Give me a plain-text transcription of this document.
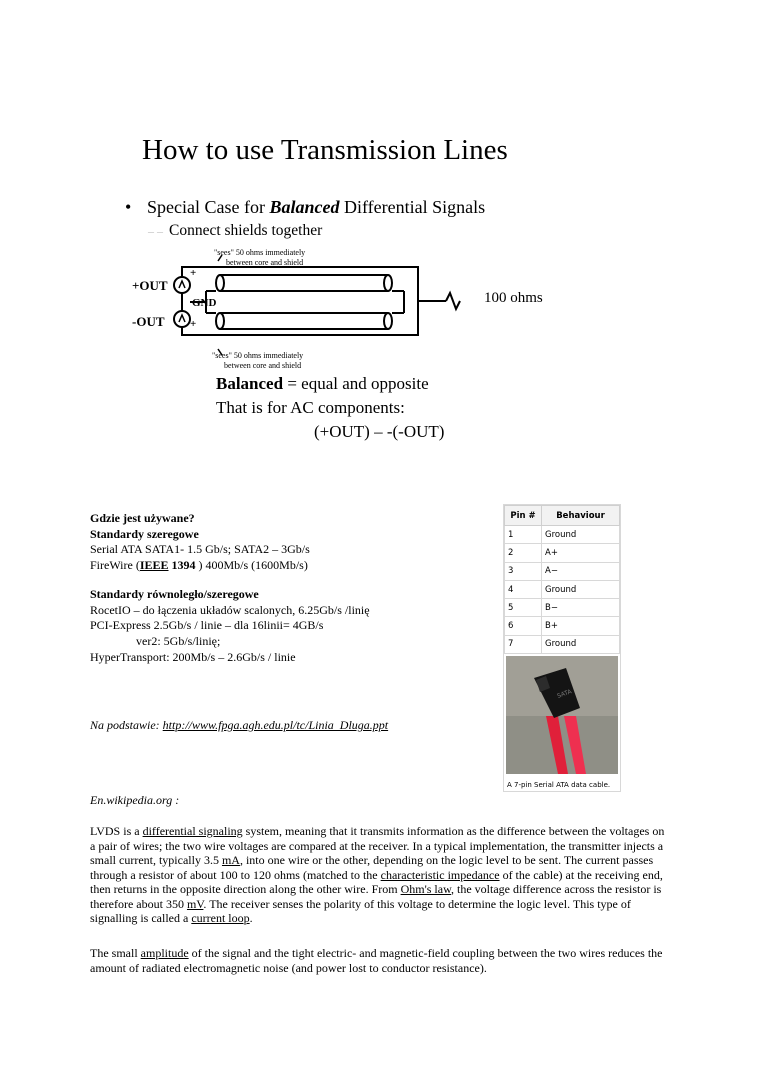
How to use Transmission Lines
• Special Case for Balanced Differential Signals
– – Connect shields together
"sees" 50 ohms immediately
between core and shield
"sees" 50 ohms immediately
between core and shield
+OUT
-OUT
GND
+
+
100 ohms
Balanced = equal and opposite
That is for AC components:
(+OUT) – -(-OUT)
Gdzie jest używane?
Standardy szeregowe
Serial ATA SATA1- 1.5 Gb/s; SATA2 – 3Gb/s
FireWire (IEEE 1394 ) 400Mb/s (1600Mb/s)
Standardy równoległo/szeregowe
RocetIO – do łączenia układów scalonych, 6.25Gb/s /linię
PCI-Express 2.5Gb/s / linie – dla 16linii= 4GB/s
ver2: 5Gb/s/linię;
HyperTransport: 200Mb/s – 2.6Gb/s / linie
Na podstawie: http://www.fpga.agh.edu.pl/tc/Linia_Dluga.ppt
En.wikipedia.org :
LVDS is a differential signaling system, meaning that it transmits information as the difference between the voltages on a pair of wires; the two wire voltages are compared at the receiver. In a typical implementation, the transmitter injects a small current, typically 3.5 mA, into one wire or the other, depending on the logic level to be sent. The current passes through a resistor of about 100 to 120 ohms (matched to the characteristic impedance of the cable) at the receiving end, then returns in the opposite direction along the other wire. From Ohm's law, the voltage difference across the resistor is therefore about 350 mV. The receiver senses the polarity of this voltage to determine the logic level. This type of signalling is called a current loop.
The small amplitude of the signal and the tight electric- and magnetic-field coupling between the two wires reduces the amount of radiated electromagnetic noise (and power lost to conductor resistance).
Pin #	Behaviour
1	Ground
2	A+
3	A−
4	Ground
5	B−
6	B+
7	Ground
SATA
A 7-pin Serial ATA data cable.
